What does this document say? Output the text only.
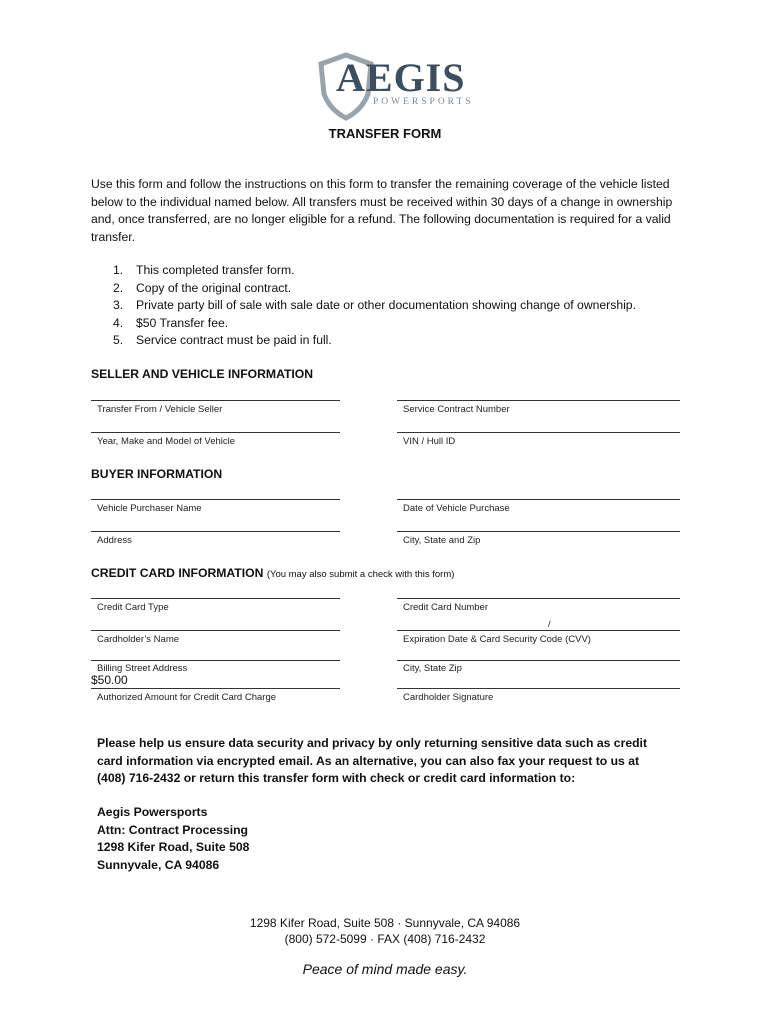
AEGIS
POWERSPORTS
TRANSFER FORM
Use this form and follow the instructions on this form to transfer the remaining coverage of the vehicle listed below to the individual named below. All transfers must be received within 30 days of a change in ownership and, once transferred, are no longer eligible for a refund. The following documentation is required for a valid transfer.
1.	This completed transfer form.
2.	Copy of the original contract.
3.	Private party bill of sale with sale date or other documentation showing change of ownership.
4.	$50 Transfer fee.
5.	Service contract must be paid in full.
SELLER AND VEHICLE INFORMATION
Transfer From / Vehicle Seller	Service Contract Number
Year, Make and Model of Vehicle	VIN / Hull ID
BUYER INFORMATION
Vehicle Purchaser Name	Date of Vehicle Purchase
Address	City, State and Zip
CREDIT CARD INFORMATION (You may also submit a check with this form)
Credit Card Type	Credit Card Number
/
Cardholder’s Name	Expiration Date & Card Security Code (CVV)
Billing Street Address	City, State Zip
$50.00
Authorized Amount for Credit Card Charge	Cardholder Signature
Please help us ensure data security and privacy by only returning sensitive data such as credit card information via encrypted email. As an alternative, you can also fax your request to us at (408) 716-2432 or return this transfer form with check or credit card information to:
Aegis Powersports
Attn: Contract Processing
1298 Kifer Road, Suite 508
Sunnyvale, CA 94086
1298 Kifer Road, Suite 508 · Sunnyvale, CA 94086
(800) 572-5099 · FAX (408) 716-2432
Peace of mind made easy.
